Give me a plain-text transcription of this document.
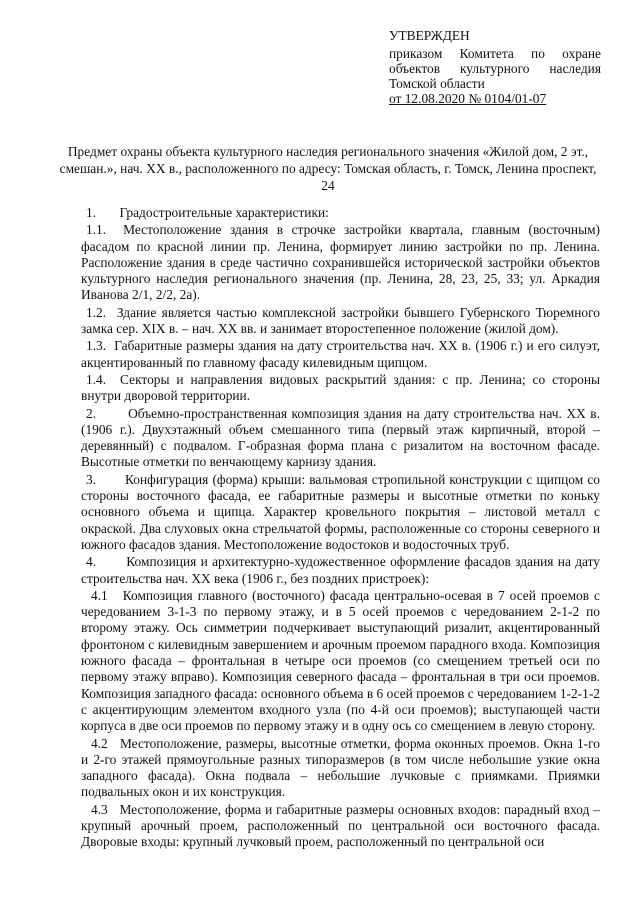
УТВЕРЖДЕН
приказом Комитета по охране
объектов культурного наследия
Томской области
от 12.08.2020 № 0104/01-07
Предмет охраны объекта культурного наследия регионального значения «Жилой дом, 2 эт., смешан.», нач. XX в., расположенного по адресу: Томская область, г. Томск, Ленина проспект, 24

1. Градостроительные характеристики:

1.1. Местоположение здания в строчке застройки квартала, главным (восточным) фасадом по красной линии пр. Ленина, формирует линию застройки по пр. Ленина. Расположение здания в среде частично сохранившейся исторической застройки объектов культурного наследия регионального значения (пр. Ленина, 28, 23, 25, 33; ул. Аркадия Иванова 2/1, 2/2, 2а).

1.2. Здание является частью комплексной застройки бывшего Губернского Тюремного замка сер. XIX в. – нач. XX вв. и занимает второстепенное положение (жилой дом).

1.3. Габаритные размеры здания на дату строительства нач. XX в. (1906 г.) и его силуэт, акцентированный по главному фасаду килевидным щипцом.

1.4. Секторы и направления видовых раскрытий здания: с пр. Ленина; со стороны внутри дворовой территории.

2. Объемно-пространственная композиция здания на дату строительства нач. XX в. (1906 г.). Двухэтажный объем смешанного типа (первый этаж кирпичный, второй – деревянный) с подвалом. Г-образная форма плана с ризалитом на восточном фасаде. Высотные отметки по венчающему карнизу здания.

3. Конфигурация (форма) крыши: вальмовая стропильной конструкции с щипцом со стороны восточного фасада, ее габаритные размеры и высотные отметки по коньку основного объема и щипца. Характер кровельного покрытия – листовой металл с окраской. Два слуховых окна стрельчатой формы, расположенные со стороны северного и южного фасадов здания. Местоположение водостоков и водосточных труб.

4. Композиция и архитектурно-художественное оформление фасадов здания на дату строительства нач. XX века (1906 г., без поздних пристроек):

4.1 Композиция главного (восточного) фасада центрально-осевая в 7 осей проемов с чередованием 3-1-3 по первому этажу, и в 5 осей проемов с чередованием 2-1-2 по второму этажу. Ось симметрии подчеркивает выступающий ризалит, акцентированный фронтоном с килевидным завершением и арочным проемом парадного входа. Композиция южного фасада – фронтальная в четыре оси проемов (со смещением третьей оси по первому этажу вправо). Композиция северного фасада – фронтальная в три оси проемов. Композиция западного фасада: основного объема в 6 осей проемов с чередованием 1-2-1-2 с акцентирующим элементом входного узла (по 4-й оси проемов); выступающей части корпуса в две оси проемов по первому этажу и в одну ось со смещением в левую сторону.

4.2 Местоположение, размеры, высотные отметки, форма оконных проемов. Окна 1-го и 2-го этажей прямоугольные разных типоразмеров (в том числе небольшие узкие окна западного фасада). Окна подвала – небольшие лучковые с приямками. Приямки подвальных окон и их конструкция.

4.3 Местоположение, форма и габаритные размеры основных входов: парадный вход – крупный арочный проем, расположенный по центральной оси восточного фасада. Дворовые входы: крупный лучковый проем, расположенный по центральной оси
